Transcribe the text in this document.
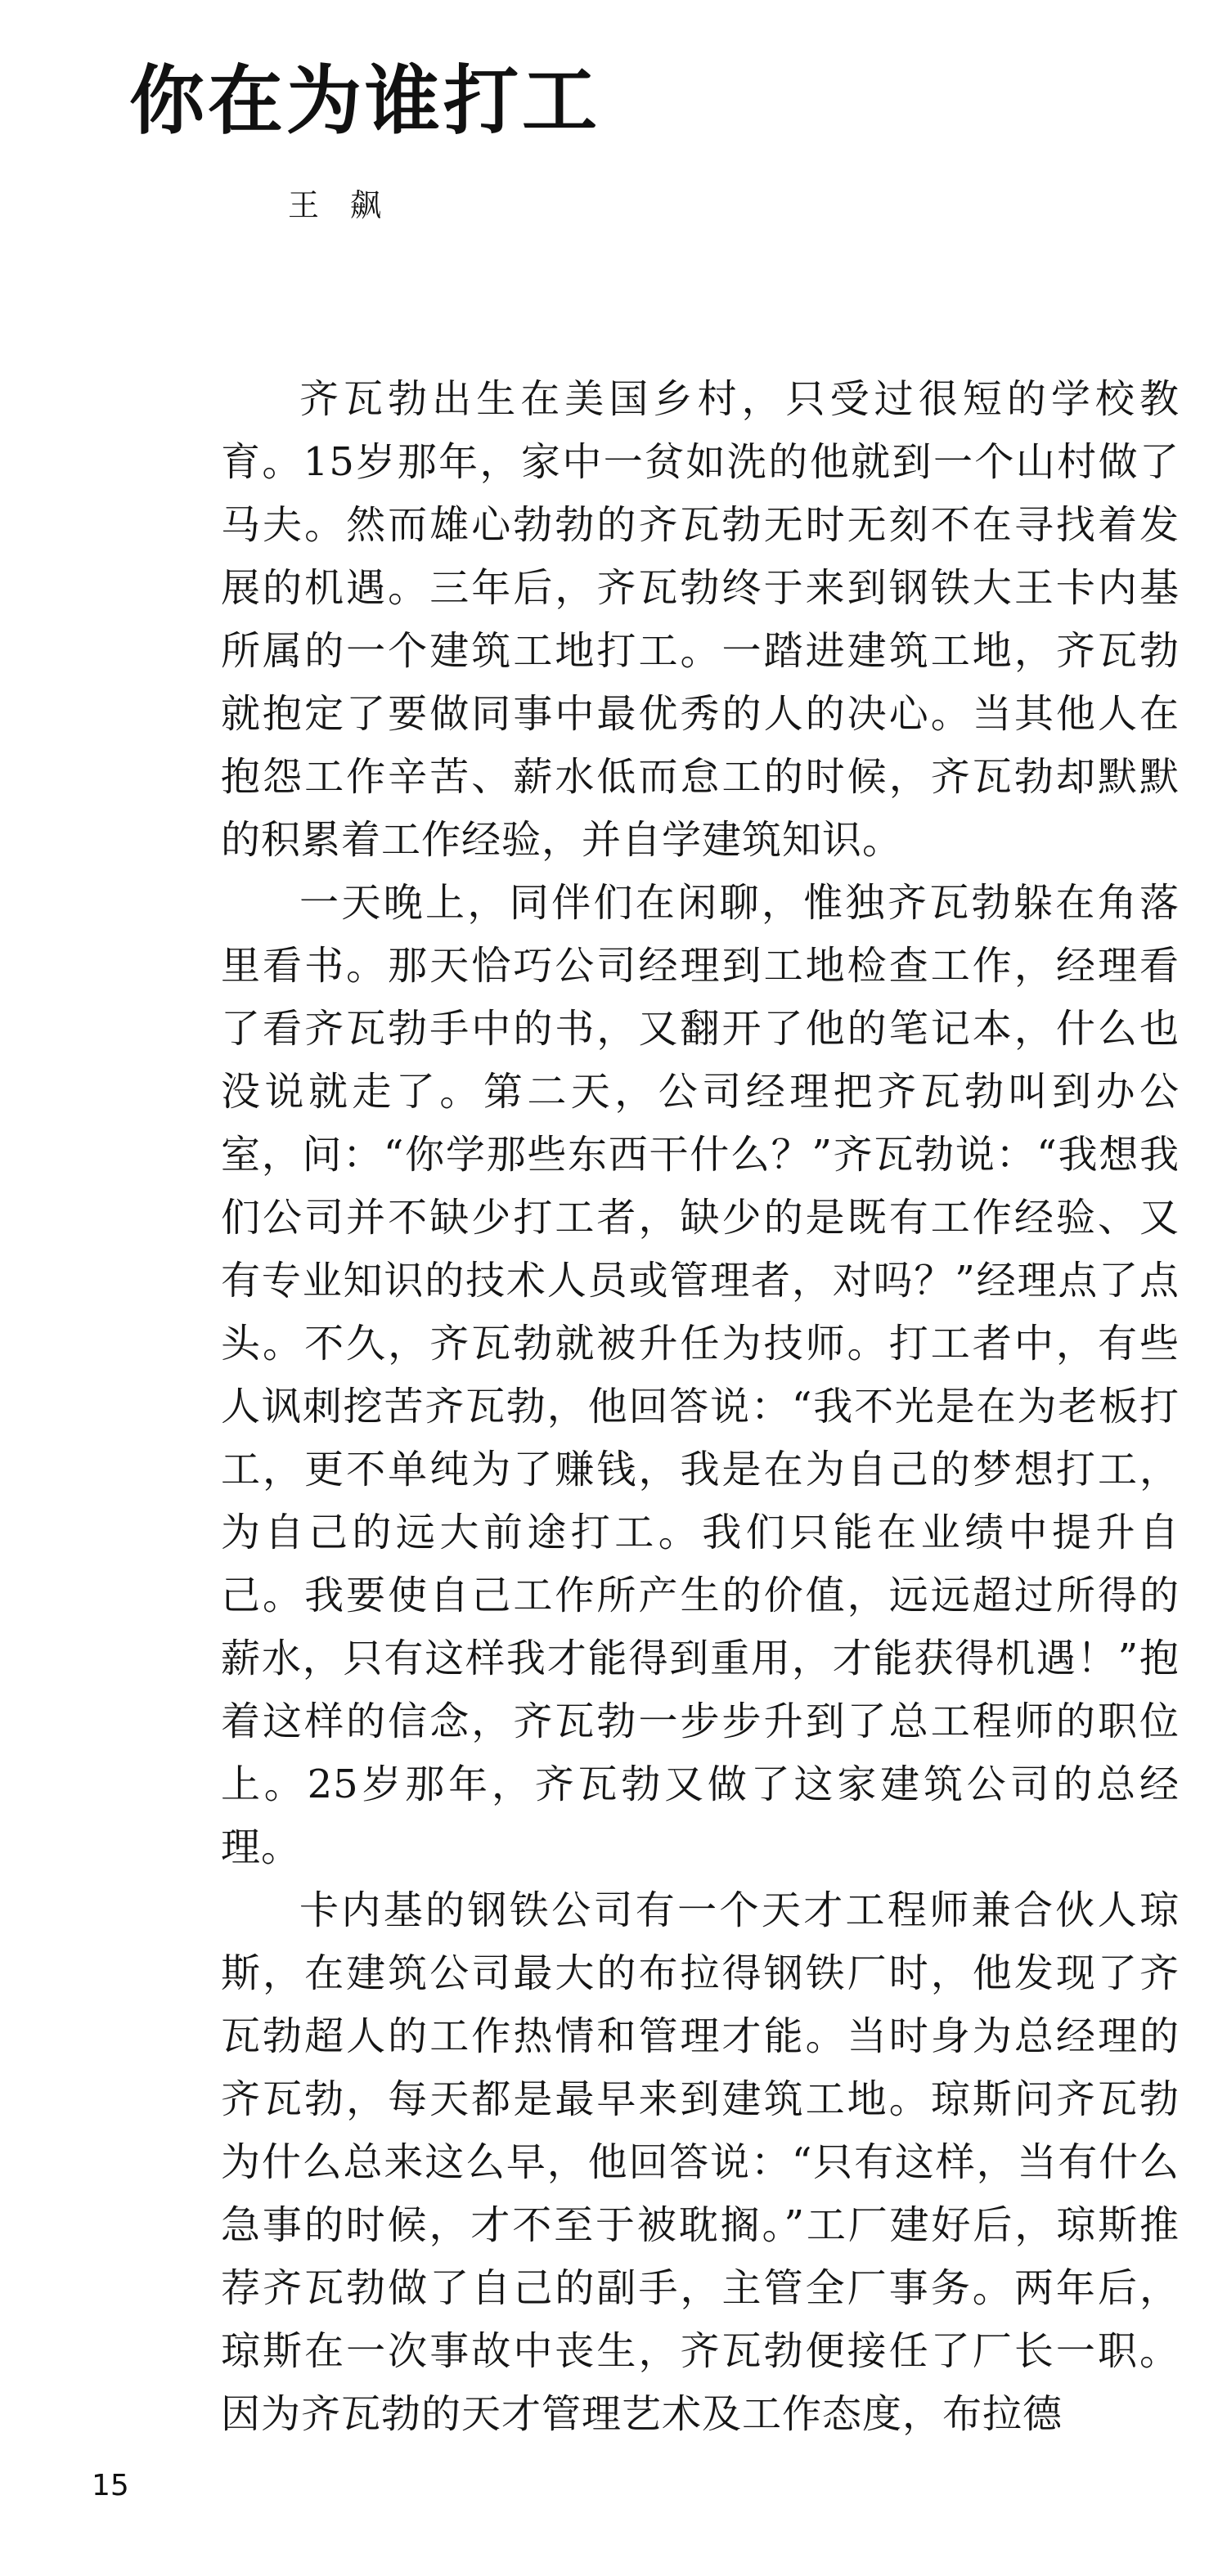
你在为谁打工
王　飙

齐瓦勃出生在美国乡村，只受过很短的学校教育。15岁那年，家中一贫如洗的他就到一个山村做了马夫。然而雄心勃勃的齐瓦勃无时无刻不在寻找着发展的机遇。三年后，齐瓦勃终于来到钢铁大王卡内基所属的一个建筑工地打工。一踏进建筑工地，齐瓦勃就抱定了要做同事中最优秀的人的决心。当其他人在抱怨工作辛苦、薪水低而怠工的时候，齐瓦勃却默默的积累着工作经验，并自学建筑知识。

一天晚上，同伴们在闲聊，惟独齐瓦勃躲在角落里看书。那天恰巧公司经理到工地检查工作，经理看了看齐瓦勃手中的书，又翻开了他的笔记本，什么也没说就走了。第二天，公司经理把齐瓦勃叫到办公室，问：“你学那些东西干什么？”齐瓦勃说：“我想我们公司并不缺少打工者，缺少的是既有工作经验、又有专业知识的技术人员或管理者，对吗？”经理点了点头。不久，齐瓦勃就被升任为技师。打工者中，有些人讽刺挖苦齐瓦勃，他回答说：“我不光是在为老板打工，更不单纯为了赚钱，我是在为自己的梦想打工，为自己的远大前途打工。我们只能在业绩中提升自己。我要使自己工作所产生的价值，远远超过所得的薪水，只有这样我才能得到重用，才能获得机遇！”抱着这样的信念，齐瓦勃一步步升到了总工程师的职位上。25岁那年，齐瓦勃又做了这家建筑公司的总经理。

卡内基的钢铁公司有一个天才工程师兼合伙人琼斯，在建筑公司最大的布拉得钢铁厂时，他发现了齐瓦勃超人的工作热情和管理才能。当时身为总经理的齐瓦勃，每天都是最早来到建筑工地。琼斯问齐瓦勃为什么总来这么早，他回答说：“只有这样，当有什么急事的时候，才不至于被耽搁。”工厂建好后，琼斯推荐齐瓦勃做了自己的副手，主管全厂事务。两年后，琼斯在一次事故中丧生，齐瓦勃便接任了厂长一职。因为齐瓦勃的天才管理艺术及工作态度，布拉德

15
